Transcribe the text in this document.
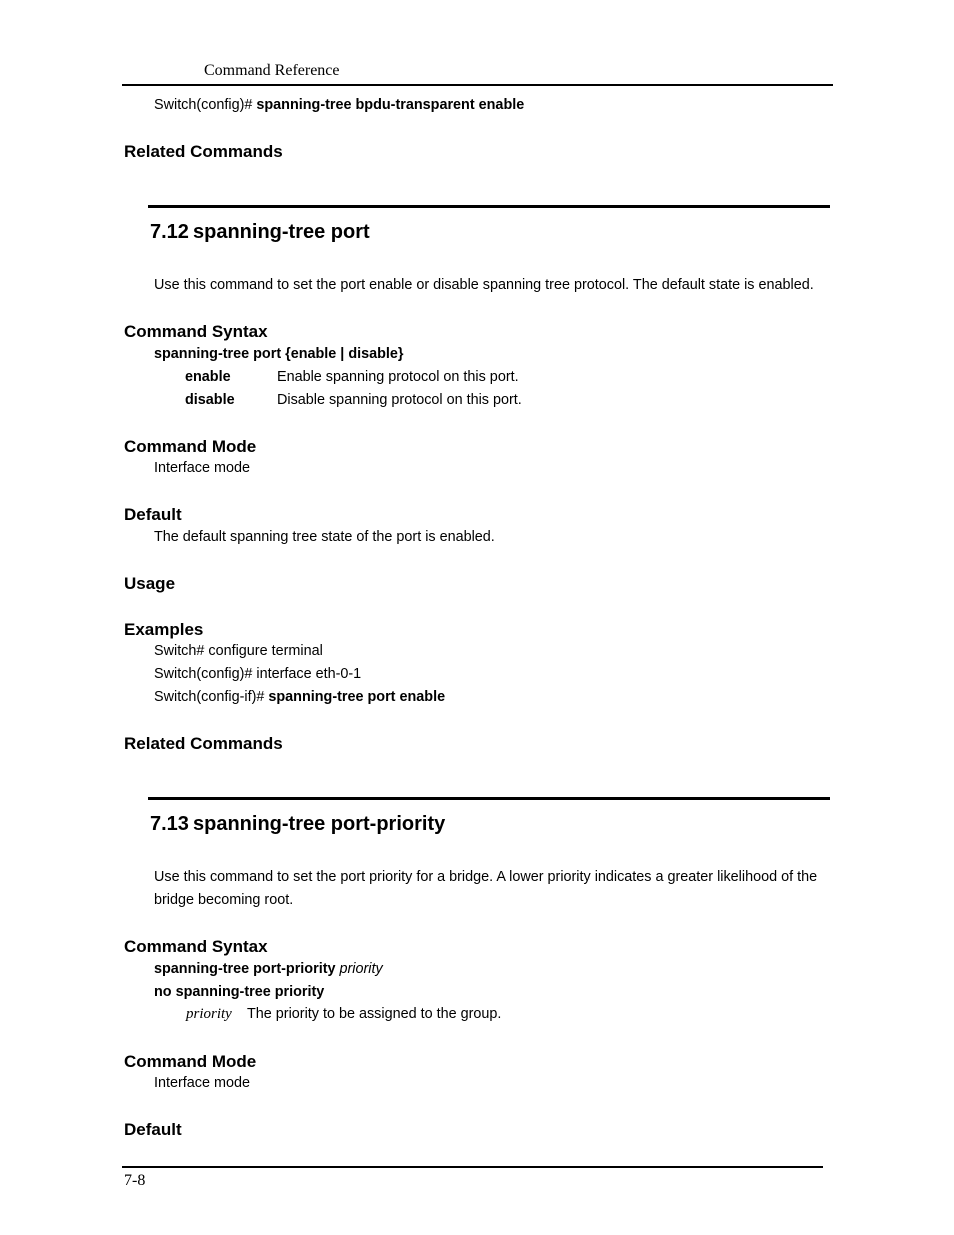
Command Reference
Switch(config)# spanning-tree bpdu-transparent enable
Related Commands
7.12 spanning-tree port
Use this command to set the port enable or disable spanning tree protocol. The default state is enabled.
Command Syntax
spanning-tree port {enable | disable}
enable	Enable spanning protocol on this port.
disable	Disable spanning protocol on this port.
Command Mode
Interface mode
Default
The default spanning tree state of the port is enabled.
Usage
Examples
Switch# configure terminal
Switch(config)# interface eth-0-1
Switch(config-if)# spanning-tree port enable
Related Commands
7.13 spanning-tree port-priority
Use this command to set the port priority for a bridge. A lower priority indicates a greater likelihood of the bridge becoming root.
Command Syntax
spanning-tree port-priority priority
no spanning-tree priority
priority The priority to be assigned to the group.
Command Mode
Interface mode
Default
7-8
